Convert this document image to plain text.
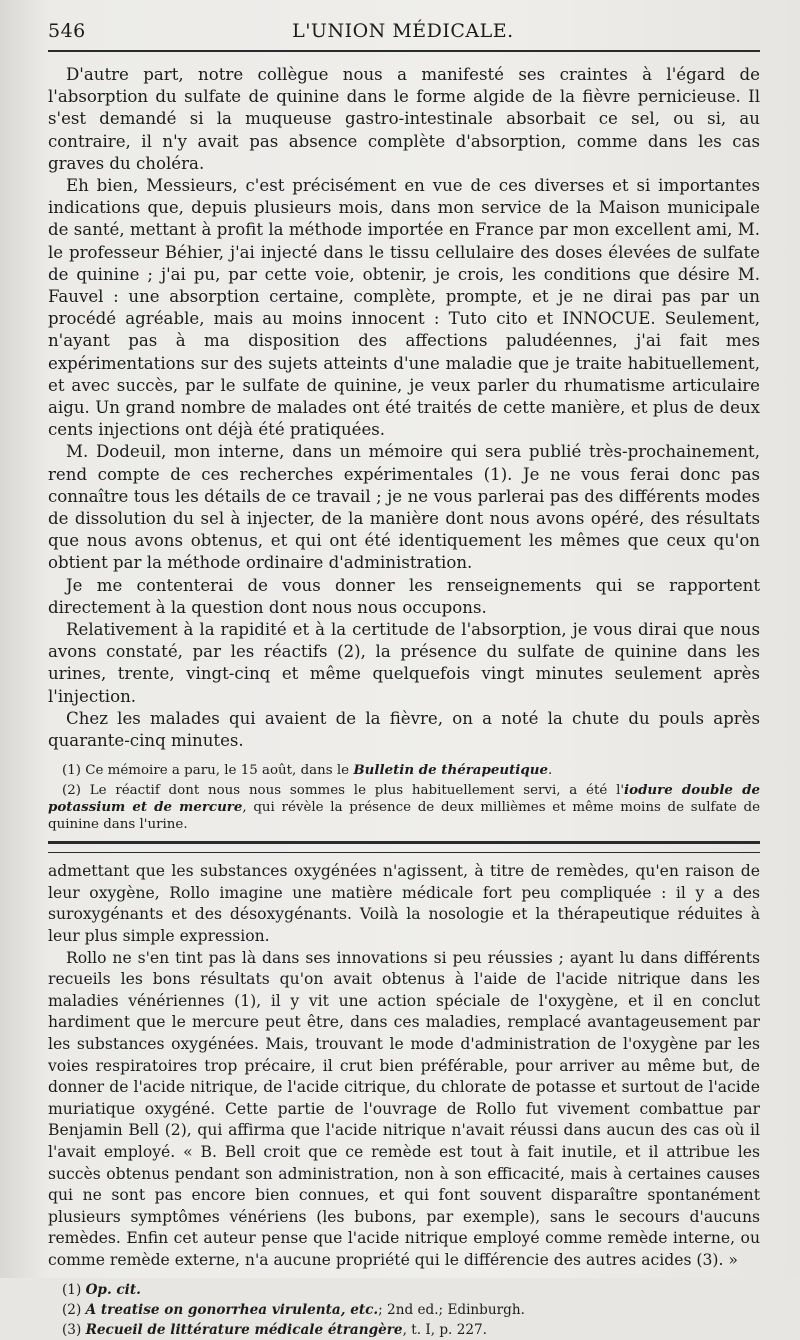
546	L'UNION MÉDICALE.

D'autre part, notre collègue nous a manifesté ses craintes à l'égard de l'absorption du sulfate de quinine dans le forme algide de la fièvre pernicieuse. Il s'est demandé si la muqueuse gastro-intestinale absorbait ce sel, ou si, au contraire, il n'y avait pas absence complète d'absorption, comme dans les cas graves du choléra.

Eh bien, Messieurs, c'est précisément en vue de ces diverses et si importantes indications que, depuis plusieurs mois, dans mon service de la Maison municipale de santé, mettant à profit la méthode importée en France par mon excellent ami, M. le professeur Béhier, j'ai injecté dans le tissu cellulaire des doses élevées de sulfate de quinine ; j'ai pu, par cette voie, obtenir, je crois, les conditions que désire M. Fauvel : une absorption certaine, complète, prompte, et je ne dirai pas par un procédé agréable, mais au moins innocent : Tuto cito et INNOCUE. Seulement, n'ayant pas à ma disposition des affections paludéennes, j'ai fait mes expérimentations sur des sujets atteints d'une maladie que je traite habituellement, et avec succès, par le sulfate de quinine, je veux parler du rhumatisme articulaire aigu. Un grand nombre de malades ont été traités de cette manière, et plus de deux cents injections ont déjà été pratiquées.

M. Dodeuil, mon interne, dans un mémoire qui sera publié très-prochainement, rend compte de ces recherches expérimentales (1). Je ne vous ferai donc pas connaître tous les détails de ce travail ; je ne vous parlerai pas des différents modes de dissolution du sel à injecter, de la manière dont nous avons opéré, des résultats que nous avons obtenus, et qui ont été identiquement les mêmes que ceux qu'on obtient par la méthode ordinaire d'administration.

Je me contenterai de vous donner les renseignements qui se rapportent directement à la question dont nous nous occupons.

Relativement à la rapidité et à la certitude de l'absorption, je vous dirai que nous avons constaté, par les réactifs (2), la présence du sulfate de quinine dans les urines, trente, vingt-cinq et même quelquefois vingt minutes seulement après l'injection.

Chez les malades qui avaient de la fièvre, on a noté la chute du pouls après quarante-cinq minutes.

(1) Ce mémoire a paru, le 15 août, dans le Bulletin de thérapeutique.

(2) Le réactif dont nous nous sommes le plus habituellement servi, a été l'iodure double de potassium et de mercure, qui révèle la présence de deux millièmes et même moins de sulfate de quinine dans l'urine.

admettant que les substances oxygénées n'agissent, à titre de remèdes, qu'en raison de leur oxygène, Rollo imagine une matière médicale fort peu compliquée : il y a des suroxygénants et des désoxygénants. Voilà la nosologie et la thérapeutique réduites à leur plus simple expression.

Rollo ne s'en tint pas là dans ses innovations si peu réussies ; ayant lu dans différents recueils les bons résultats qu'on avait obtenus à l'aide de l'acide nitrique dans les maladies vénériennes (1), il y vit une action spéciale de l'oxygène, et il en conclut hardiment que le mercure peut être, dans ces maladies, remplacé avantageusement par les substances oxygénées. Mais, trouvant le mode d'administration de l'oxygène par les voies respiratoires trop précaire, il crut bien préférable, pour arriver au même but, de donner de l'acide nitrique, de l'acide citrique, du chlorate de potasse et surtout de l'acide muriatique oxygéné. Cette partie de l'ouvrage de Rollo fut vivement combattue par Benjamin Bell (2), qui affirma que l'acide nitrique n'avait réussi dans aucun des cas où il l'avait employé. « B. Bell croit que ce remède est tout à fait inutile, et il attribue les succès obtenus pendant son administration, non à son efficacité, mais à certaines causes qui ne sont pas encore bien connues, et qui font souvent disparaître spontanément plusieurs symptômes vénériens (les bubons, par exemple), sans le secours d'aucuns remèdes. Enfin cet auteur pense que l'acide nitrique employé comme remède interne, ou comme remède externe, n'a aucune propriété qui le différencie des autres acides (3). »

(1) Op. cit.

(2) A treatise on gonorrhea virulenta, etc.; 2nd ed.; Edinburgh.

(3) Recueil de littérature médicale étrangère, t. I, p. 227.
